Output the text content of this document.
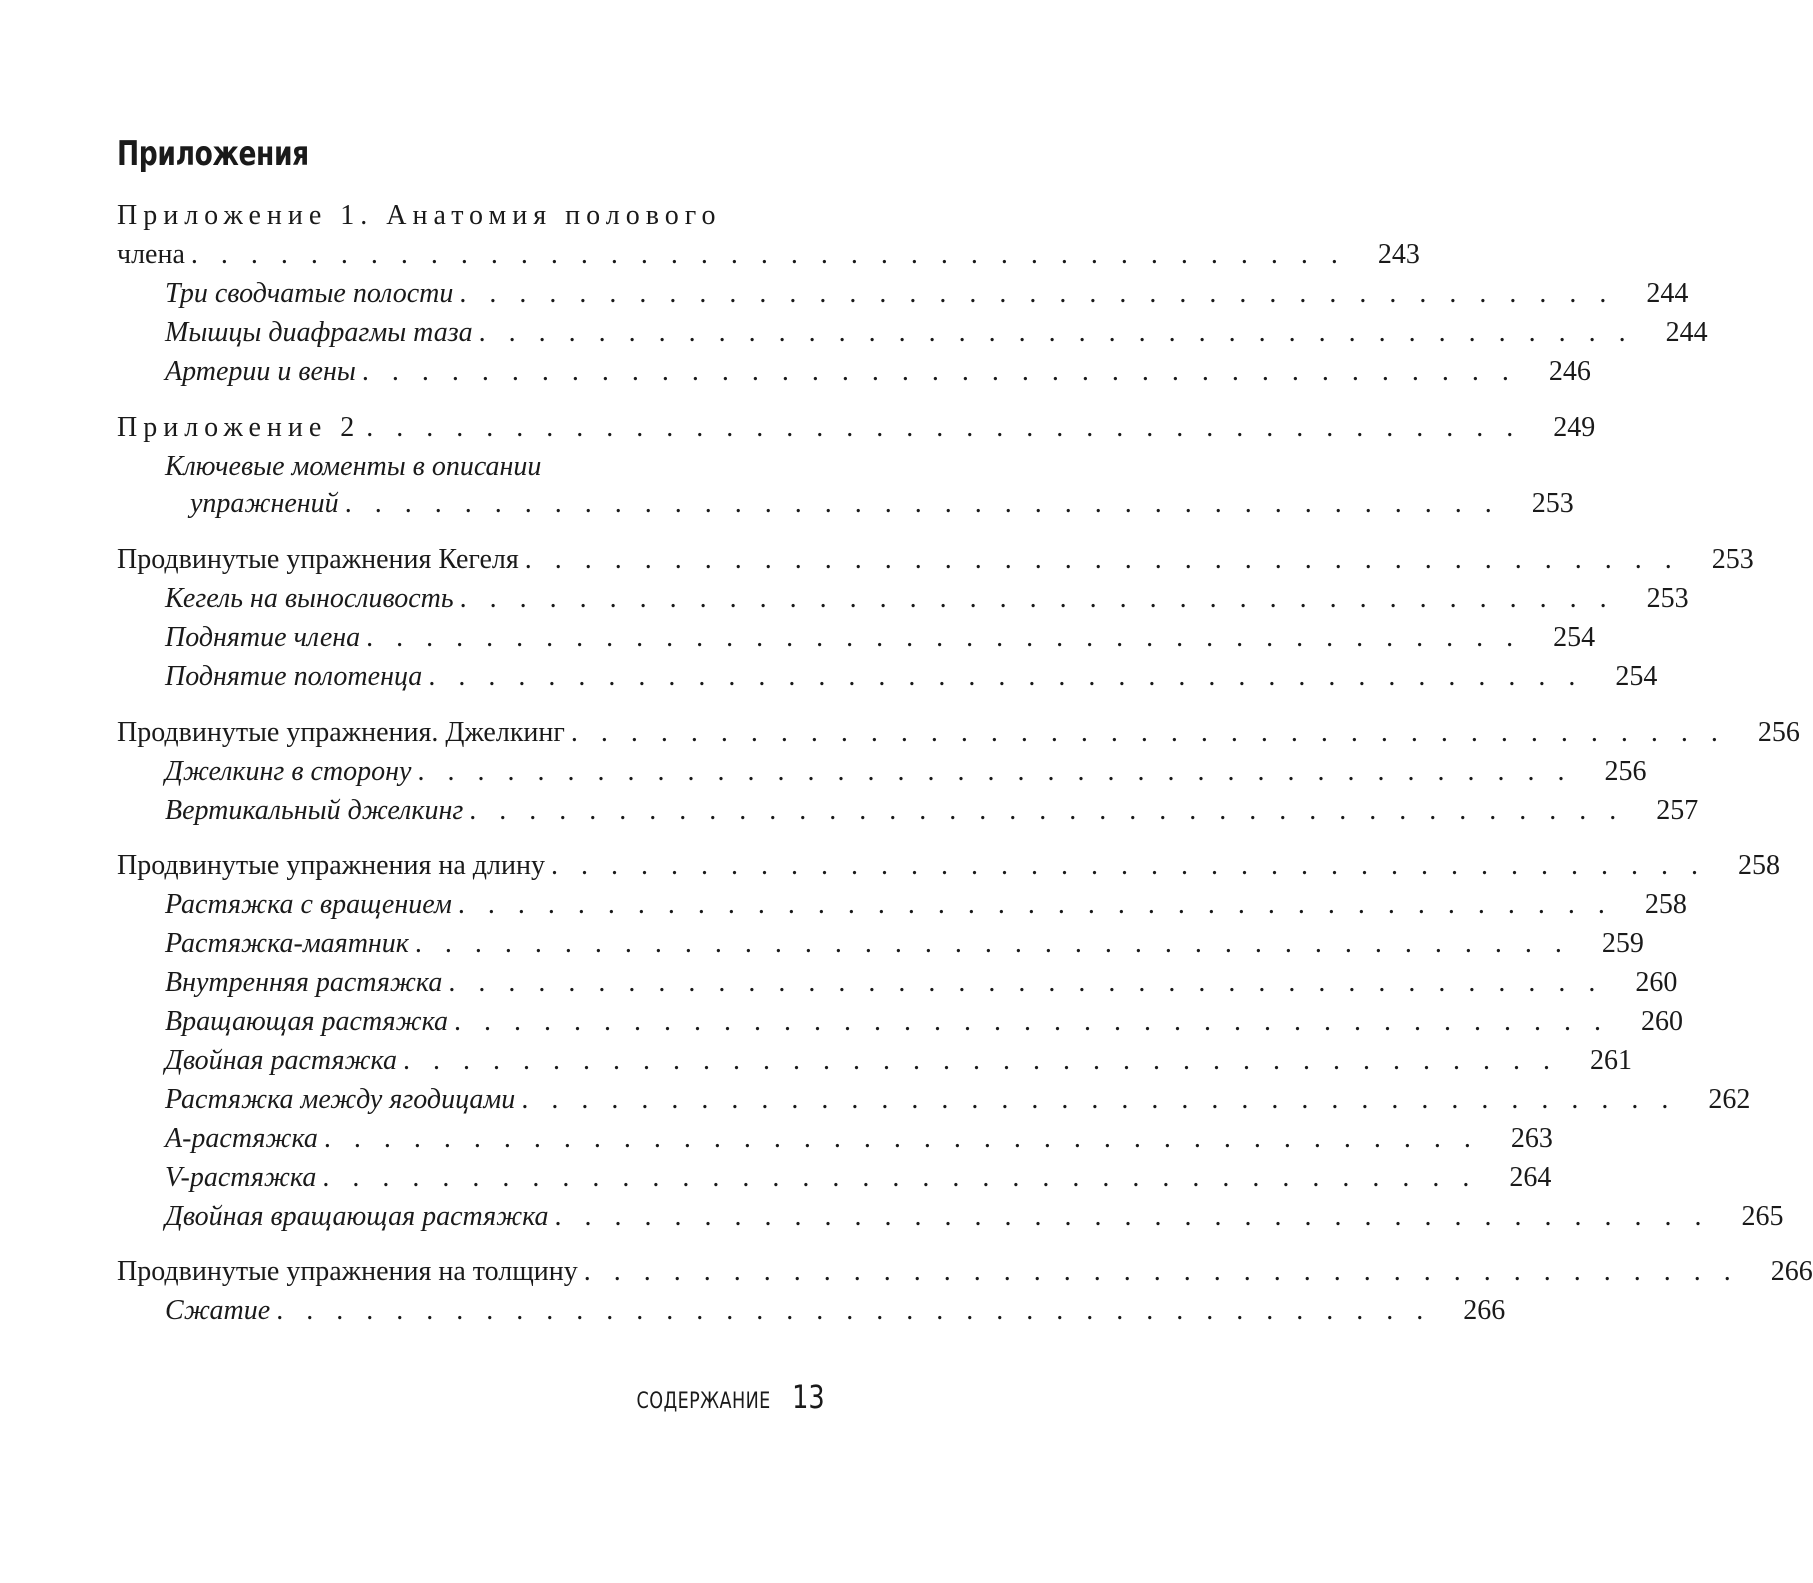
Приложения
Приложение 1. Анатомия полового
члена . . . . . . . . . . . . . . . . . . . . . . . . . . . . . . . . . . . . . . .	243
Три сводчатые полости . . . . . . . . . . . . . . . . . . . . . . . . . . . . . . . . . . . . . . .	244
Мышцы диафрагмы таза . . . . . . . . . . . . . . . . . . . . . . . . . . . . . . . . . . . . . . .	244
Артерии и вены . . . . . . . . . . . . . . . . . . . . . . . . . . . . . . . . . . . . . . .	246
Приложение 2 . . . . . . . . . . . . . . . . . . . . . . . . . . . . . . . . . . . . . . .	249
Ключевые моменты в описании
упражнений . . . . . . . . . . . . . . . . . . . . . . . . . . . . . . . . . . . . . . .	253
Продвинутые упражнения Кегеля . . . . . . . . . . . . . . . . . . . . . . . . . . . . . . . . . . . . . . .	253
Кегель на выносливость . . . . . . . . . . . . . . . . . . . . . . . . . . . . . . . . . . . . . . .	253
Поднятие члена . . . . . . . . . . . . . . . . . . . . . . . . . . . . . . . . . . . . . . .	254
Поднятие полотенца . . . . . . . . . . . . . . . . . . . . . . . . . . . . . . . . . . . . . . .	254
Продвинутые упражнения. Джелкинг . . . . . . . . . . . . . . . . . . . . . . . . . . . . . . . . . . . . . . .	256
Джелкинг в сторону . . . . . . . . . . . . . . . . . . . . . . . . . . . . . . . . . . . . . . .	256
Вертикальный джелкинг . . . . . . . . . . . . . . . . . . . . . . . . . . . . . . . . . . . . . . .	257
Продвинутые упражнения на длину . . . . . . . . . . . . . . . . . . . . . . . . . . . . . . . . . . . . . . .	258
Растяжка с вращением . . . . . . . . . . . . . . . . . . . . . . . . . . . . . . . . . . . . . . .	258
Растяжка-маятник . . . . . . . . . . . . . . . . . . . . . . . . . . . . . . . . . . . . . . .	259
Внутренняя растяжка . . . . . . . . . . . . . . . . . . . . . . . . . . . . . . . . . . . . . . .	260
Вращающая растяжка . . . . . . . . . . . . . . . . . . . . . . . . . . . . . . . . . . . . . . .	260
Двойная растяжка . . . . . . . . . . . . . . . . . . . . . . . . . . . . . . . . . . . . . . .	261
Растяжка между ягодицами . . . . . . . . . . . . . . . . . . . . . . . . . . . . . . . . . . . . . . .	262
А-растяжка . . . . . . . . . . . . . . . . . . . . . . . . . . . . . . . . . . . . . . .	263
V-растяжка . . . . . . . . . . . . . . . . . . . . . . . . . . . . . . . . . . . . . . .	264
Двойная вращающая растяжка . . . . . . . . . . . . . . . . . . . . . . . . . . . . . . . . . . . . . . .	265
Продвинутые упражнения на толщину . . . . . . . . . . . . . . . . . . . . . . . . . . . . . . . . . . . . . . .	266
Сжатие . . . . . . . . . . . . . . . . . . . . . . . . . . . . . . . . . . . . . . .	266
СОДЕРЖАНИЕ 13
